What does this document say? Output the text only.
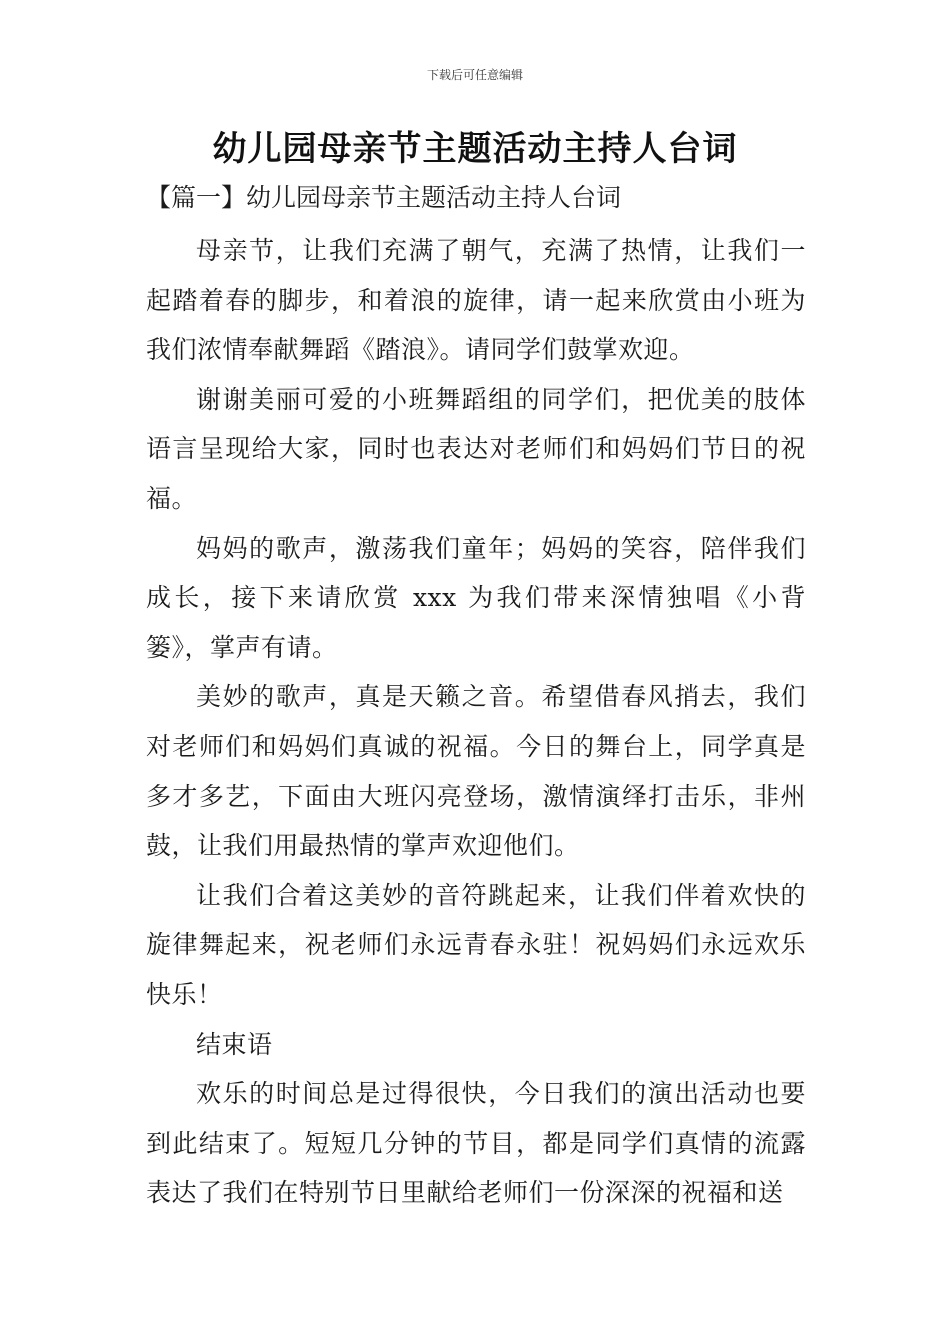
下载后可任意编辑
幼儿园母亲节主题活动主持人台词
【篇一】幼儿园母亲节主题活动主持人台词

母亲节，让我们充满了朝气，充满了热情，让我们一起踏着春的脚步，和着浪的旋律，请一起来欣赏由小班为我们浓情奉献舞蹈《踏浪》。请同学们鼓掌欢迎。

谢谢美丽可爱的小班舞蹈组的同学们，把优美的肢体语言呈现给大家，同时也表达对老师们和妈妈们节日的祝福。

妈妈的歌声，激荡我们童年；妈妈的笑容，陪伴我们成长，接下来请欣赏 xxx 为我们带来深情独唱《小背篓》，掌声有请。

美妙的歌声，真是天籁之音。希望借春风捎去，我们对老师们和妈妈们真诚的祝福。今日的舞台上，同学真是多才多艺，下面由大班闪亮登场，激情演绎打击乐，非州鼓，让我们用最热情的掌声欢迎他们。

让我们合着这美妙的音符跳起来，让我们伴着欢快的旋律舞起来，祝老师们永远青春永驻！祝妈妈们永远欢乐快乐！

结束语

欢乐的时间总是过得很快，今日我们的演出活动也要到此结束了。短短几分钟的节目，都是同学们真情的流露表达了我们在特别节日里献给老师们一份深深的祝福和送
